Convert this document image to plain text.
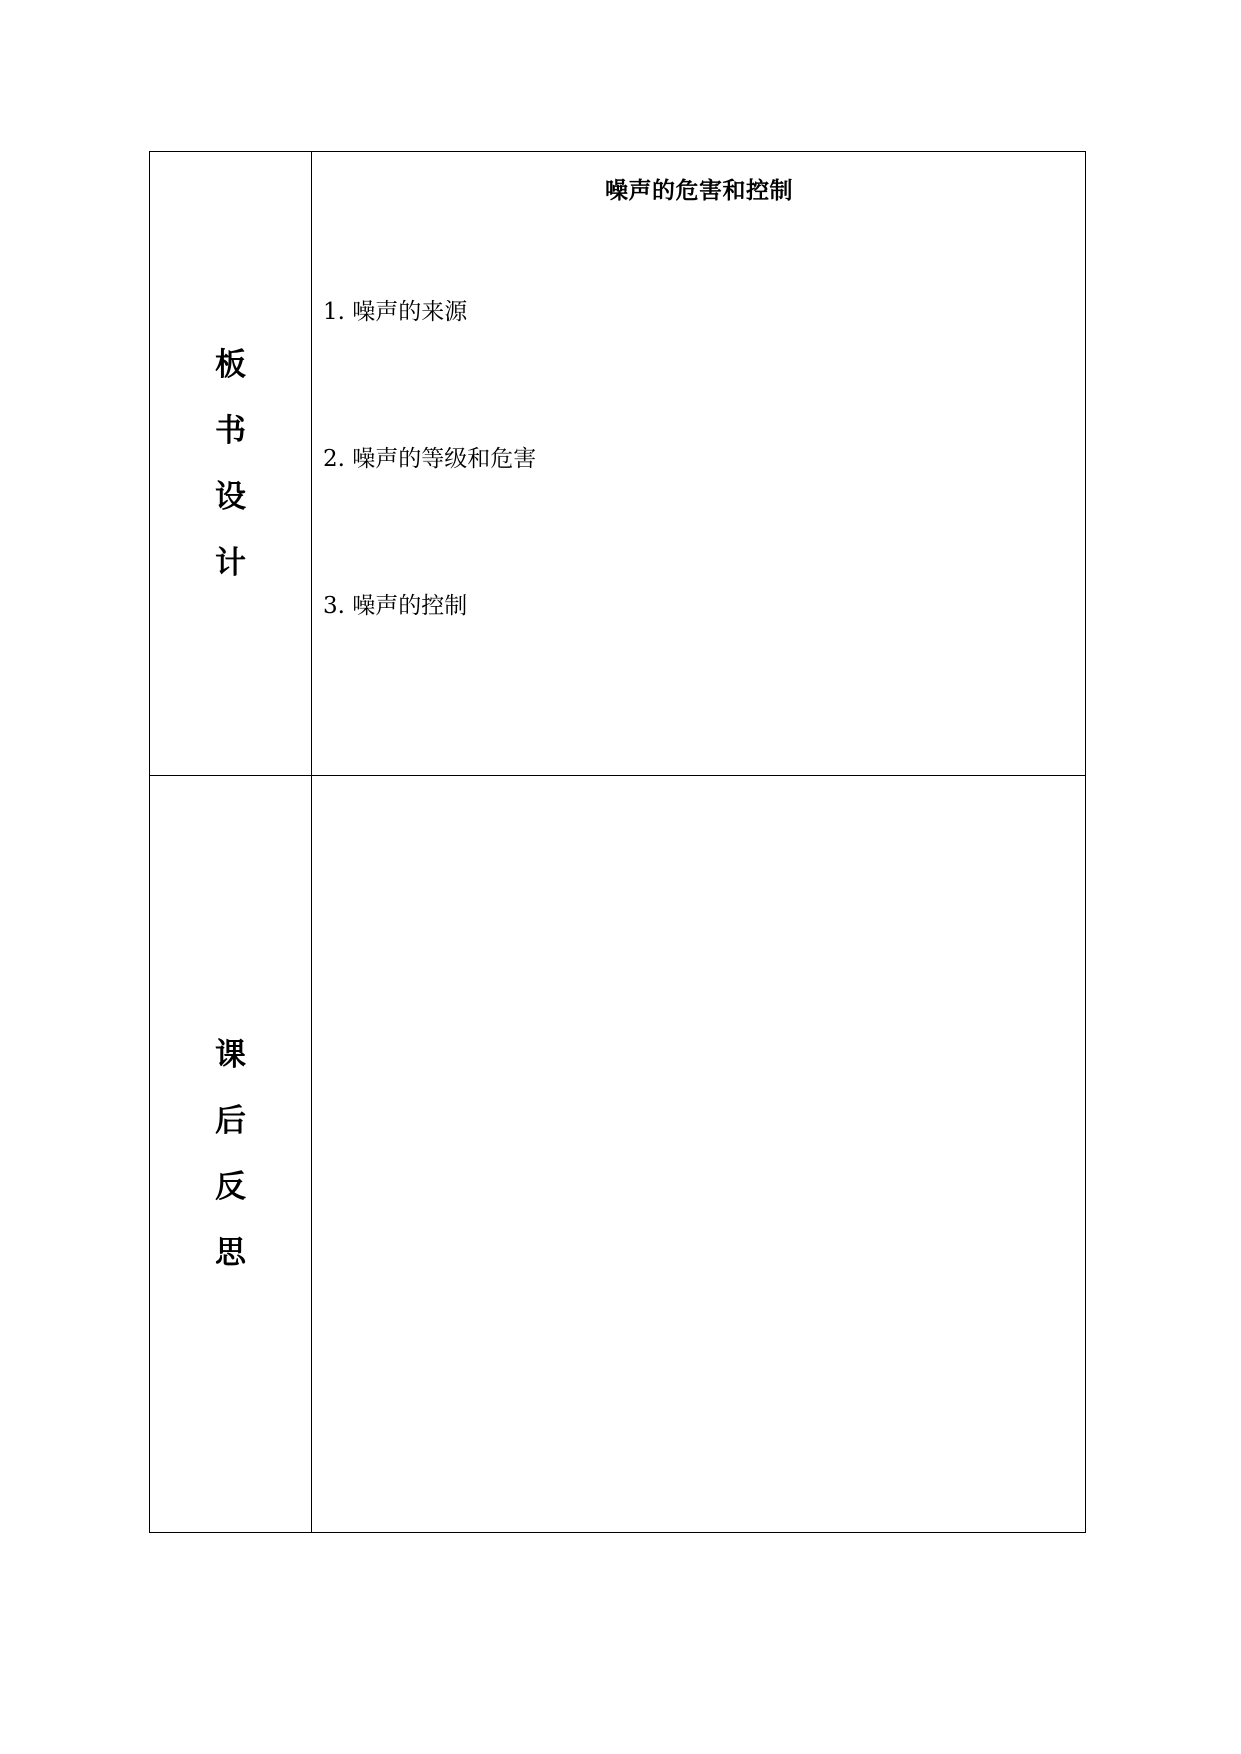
板
书
设
计
噪声的危害和控制
1. 噪声的来源
2. 噪声的等级和危害
3. 噪声的控制
课
后
反
思
